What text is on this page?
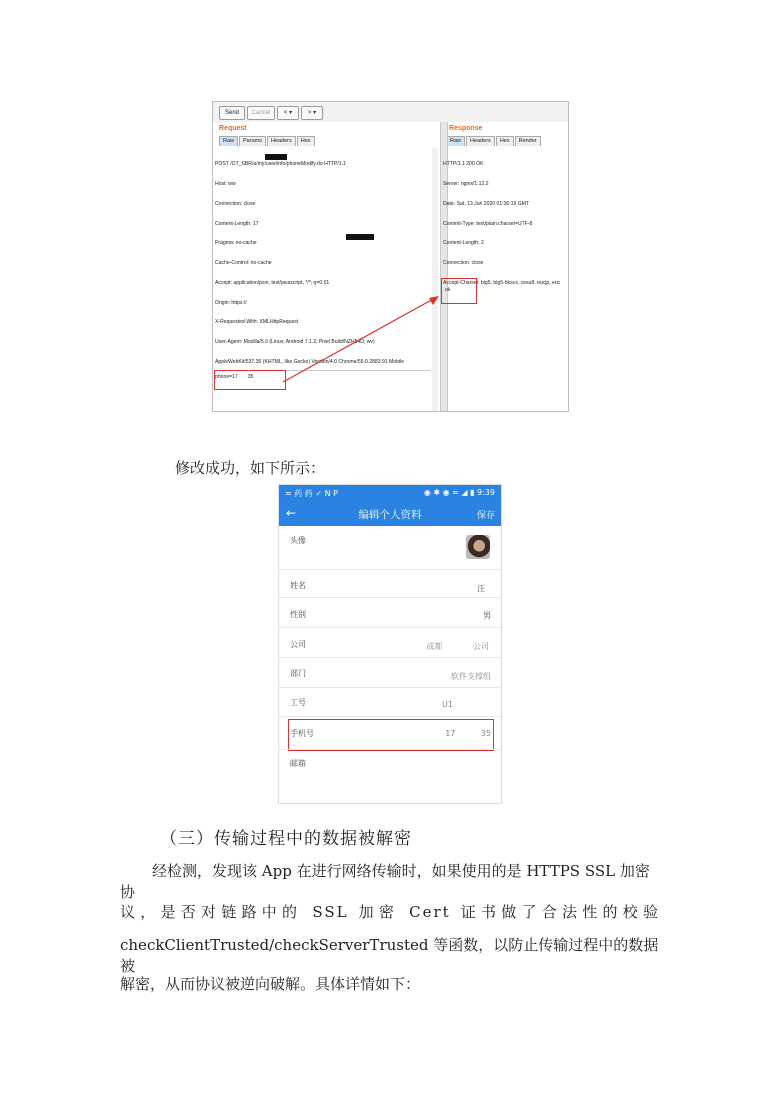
Send	Cancel	< ▾	> ▾
Request	Response
Raw	Params	Headers	Hex	Raw	Headers	Hex	Render

POST /OT_SBR/a/my/user/info/phoneModify.do HTTP/1.1

Host: ww

Connection: close

Content-Length: 17

Pragma: no-cache

Cache-Control: no-cache

Accept: application/json, text/javascript, */*; q=0.01

Origin: https://

X-Requested-With: XMLHttpRequest

User-Agent: Mozilla/5.0 (Linux; Android 7.1.2; Pixel Build/NZH54D; wv)

AppleWebKit/537.36 (KHTML, like Gecko) Version/4.0 Chrome/55.0.2883.91 Mobile

phone=17       35

HTTP/1.1 200 OK

Server: nginx/1.12.2

Date: Sat, 13 Jun 2020 01:36:15 GMT

Content-Type: text/plain;charset=UTF-8

Content-Length: 2

Connection: close

Accept-Charset: big5, big5-hkscs, cesu8, eucjp, euc

ok
修改成功，如下所示：
≈ 药 药 ✓ N P	◉ ✱ ◉ ≈ ◢ ▮ 9:39
←	编辑个人资料	保存
头像
姓名	汪
性别	男
公司	成都            公司
部门	软件支撑组
工号	U1
手机号	17          35
邮箱
（三）传输过程中的数据被解密
经检测，发现该 App 在进行网络传输时，如果使用的是 HTTPS SSL 加密协
议，是否对链路中的 SSL 加密 Cert 证书做了合法性的校验
checkClientTrusted/checkServerTrusted 等函数，以防止传输过程中的数据被
解密，从而协议被逆向破解。具体详情如下：
